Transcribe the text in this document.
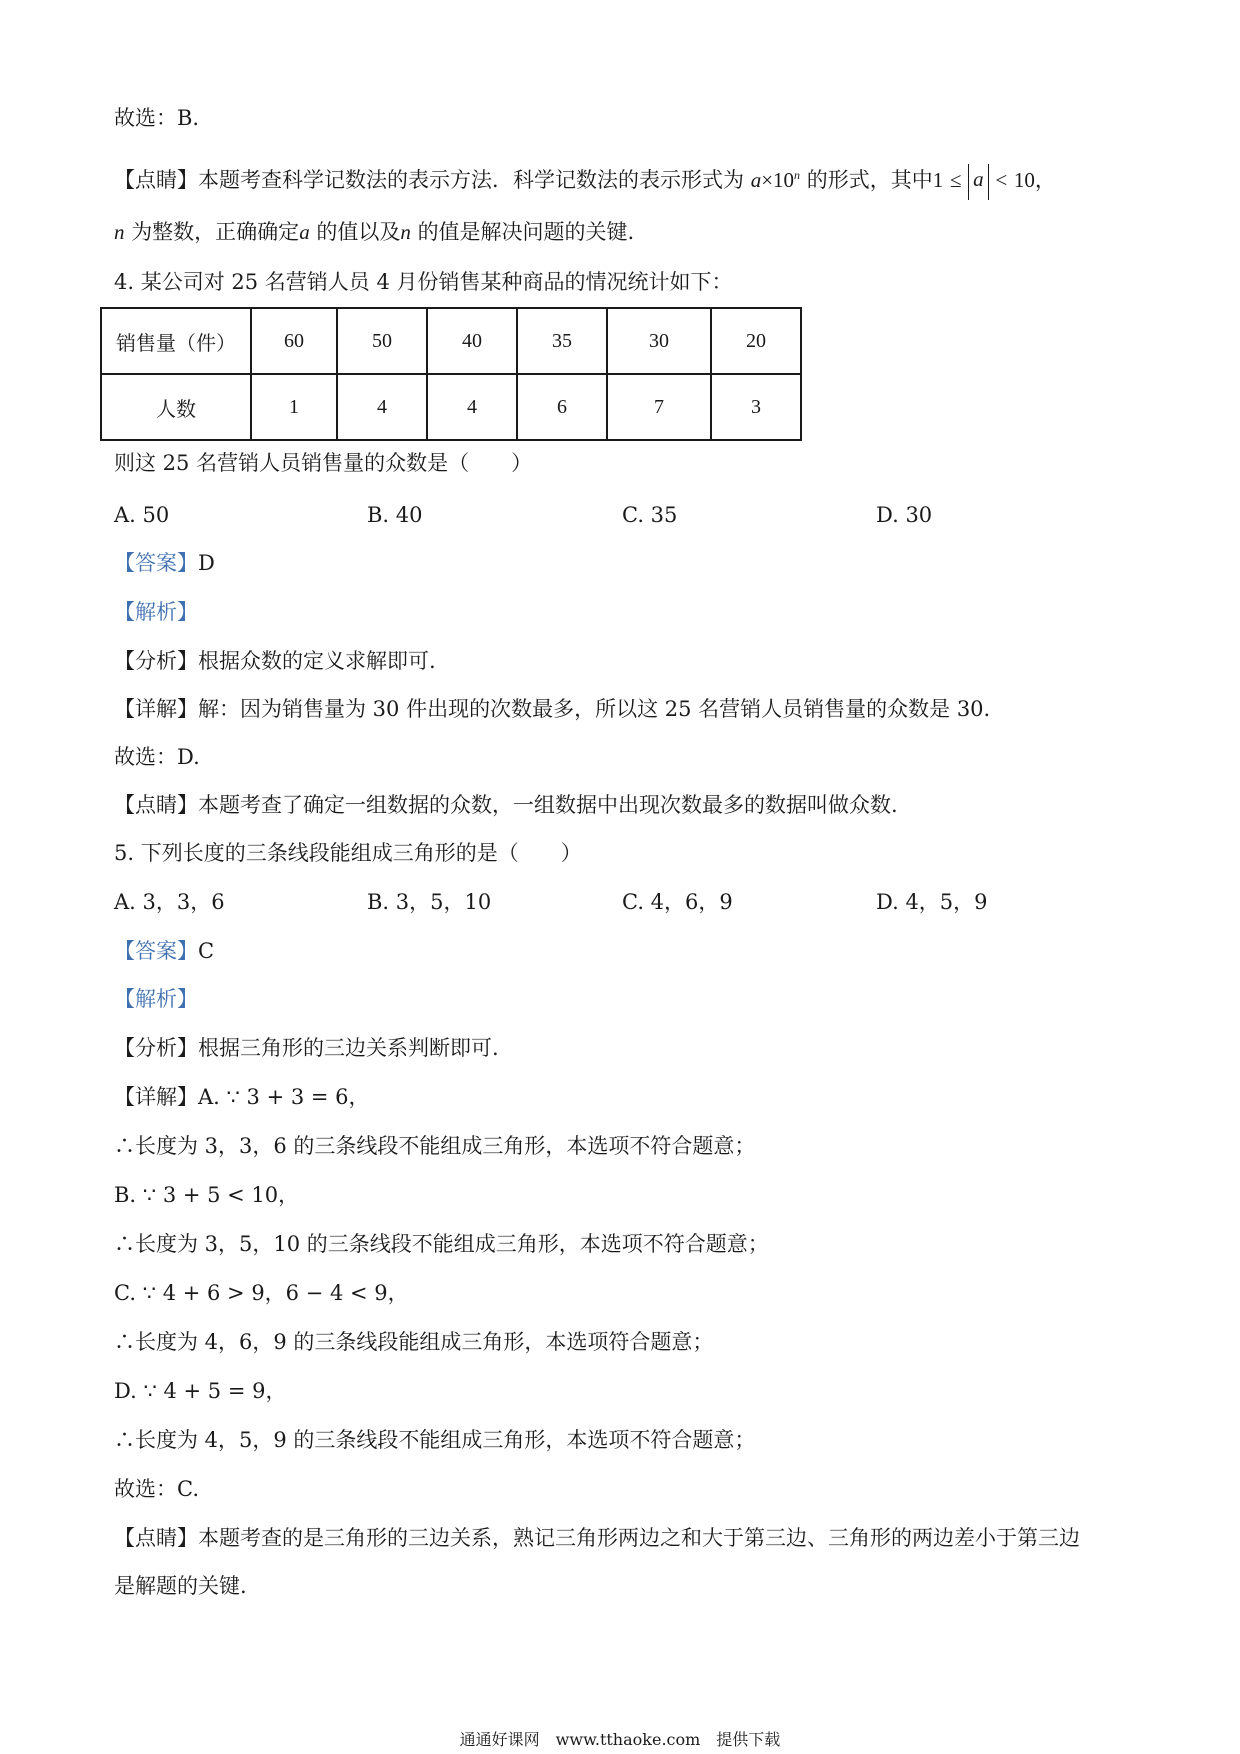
故选：B.
【点睛】本题考查科学记数法的表示方法．科学记数法的表示形式为 $a\times 10^n$ 的形式，其中1 ≤ a < 10，
n 为整数，正确确定a 的值以及n 的值是解决问题的关键.
4. 某公司对 25 名营销人员 4 月份销售某种商品的情况统计如下：
销售量（件）	60	50	40	35	30	20
人数	1	4	4	6	7	3
则这 25 名营销人员销售量的众数是（　　）
A. 50	B. 40	C. 35	D. 30
【答案】D
【解析】
【分析】根据众数的定义求解即可.
【详解】解：因为销售量为 30 件出现的次数最多，所以这 25 名营销人员销售量的众数是 30.
故选：D.
【点睛】本题考查了确定一组数据的众数，一组数据中出现次数最多的数据叫做众数.
5. 下列长度的三条线段能组成三角形的是（　　）
A. 3，3，6	B. 3，5，10	C. 4，6，9	D. 4，5，9
【答案】C
【解析】
【分析】根据三角形的三边关系判断即可.
【详解】A. ∵ 3 + 3 = 6，
∴长度为 3，3，6 的三条线段不能组成三角形，本选项不符合题意；
B. ∵ 3 + 5 < 10，
∴长度为 3，5，10 的三条线段不能组成三角形，本选项不符合题意；
C. ∵ 4 + 6 > 9，6 − 4 < 9，
∴长度为 4，6，9 的三条线段能组成三角形，本选项符合题意；
D. ∵ 4 + 5 = 9，
∴长度为 4，5，9 的三条线段不能组成三角形，本选项不符合题意；
故选：C.
【点睛】本题考查的是三角形的三边关系，熟记三角形两边之和大于第三边、三角形的两边差小于第三边
是解题的关键.
通通好课网　www.tthaoke.com　提供下载
